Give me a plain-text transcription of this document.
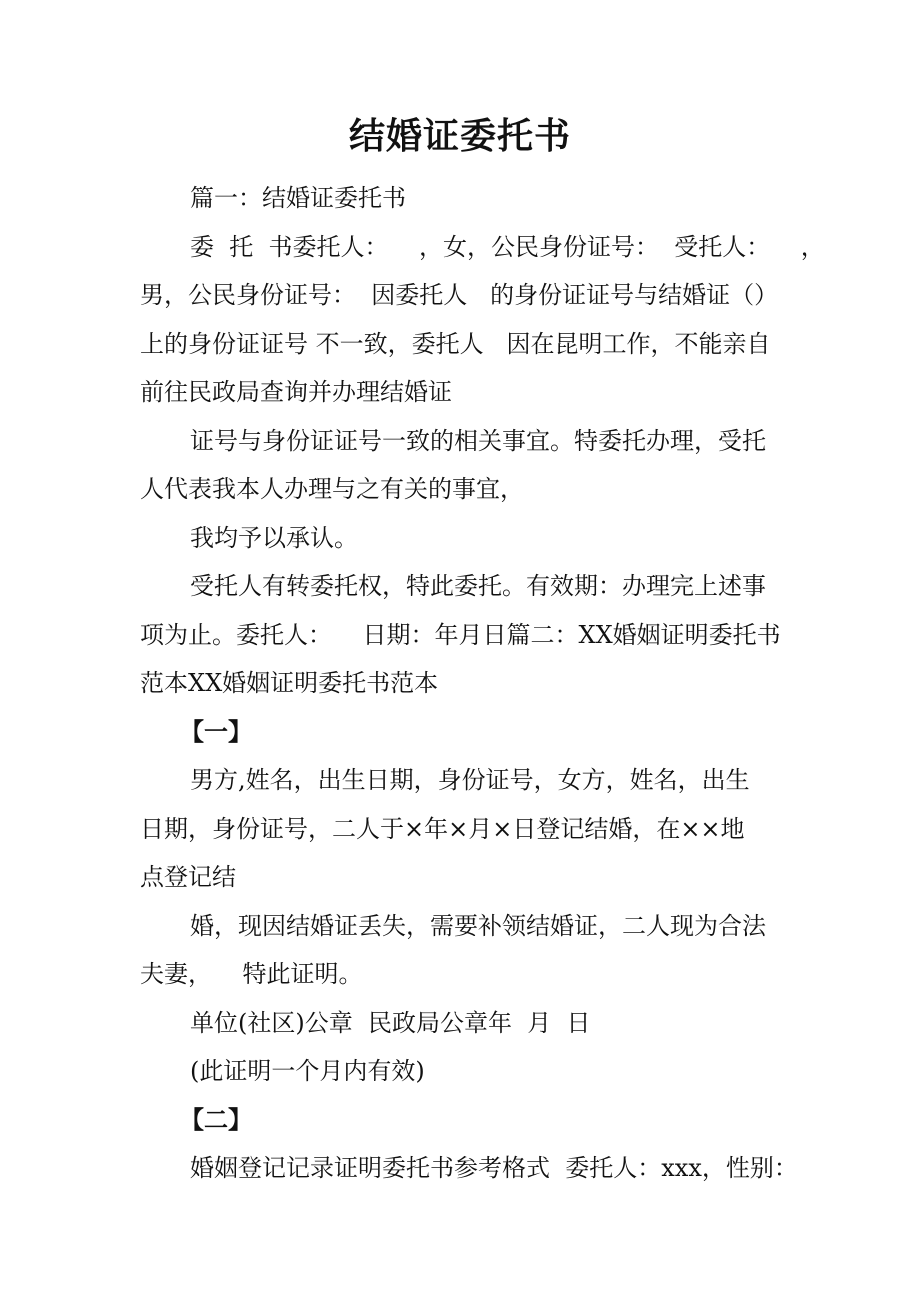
结婚证委托书
篇一：结婚证委托书
委  托  书委托人：    ，女，公民身份证号：  受托人：    ，
男，公民身份证号：  因委托人   的身份证证号与结婚证（）
上的身份证证号 不一致，委托人   因在昆明工作，不能亲自
前往民政局查询并办理结婚证
证号与身份证证号一致的相关事宜。特委托办理，受托
人代表我本人办理与之有关的事宜，
我均予以承认。
受托人有转委托权，特此委托。有效期：办理完上述事
项为止。委托人：    日期：年月日篇二：XX婚姻证明委托书
范本XX婚姻证明委托书范本
【一】
男方,姓名，出生日期，身份证号，女方，姓名，出生
日期，身份证号，二人于×年×月×日登记结婚，在××地
点登记结
婚，现因结婚证丢失，需要补领结婚证，二人现为合法
夫妻，    特此证明。
单位(社区)公章  民政局公章年  月  日
(此证明一个月内有效)
【二】
婚姻登记记录证明委托书参考格式  委托人：xxx，性别：
